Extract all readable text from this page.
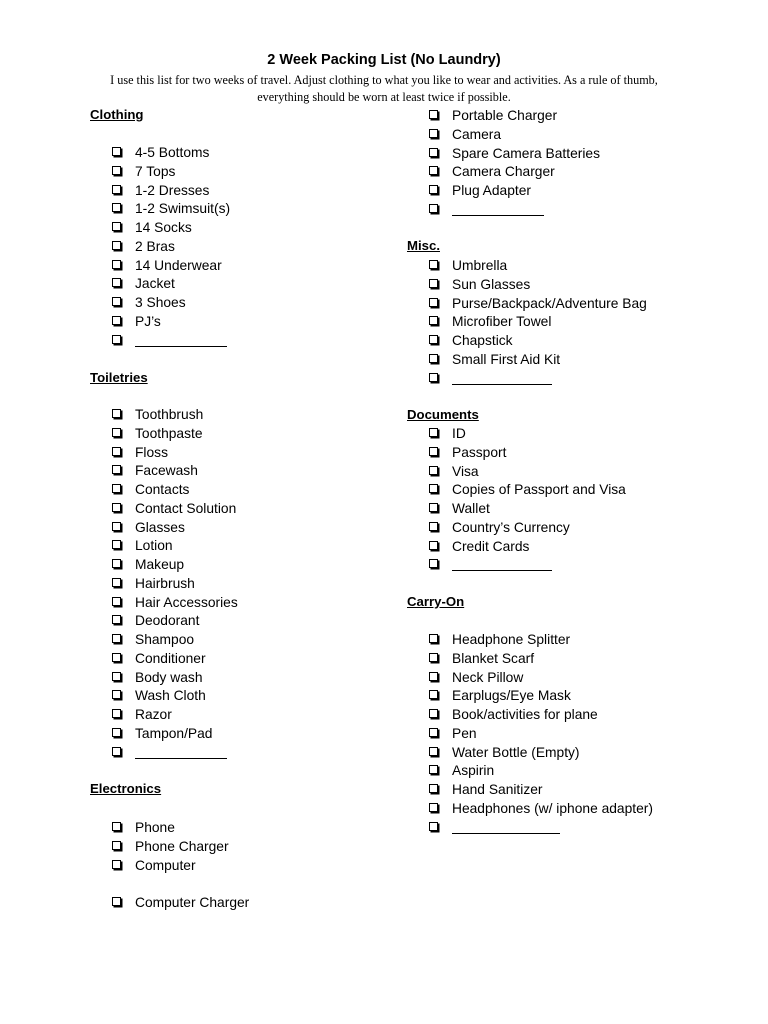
2 Week Packing List (No Laundry)
I use this list for two weeks of travel. Adjust clothing to what you like to wear and activities. As a rule of thumb,
everything should be worn at least twice if possible.
Clothing
4-5 Bottoms
7 Tops
1-2 Dresses
1-2 Swimsuit(s)
14 Socks
2 Bras
14 Underwear
Jacket
3 Shoes
PJ’s
Toiletries
Toothbrush
Toothpaste
Floss
Facewash
Contacts
Contact Solution
Glasses
Lotion
Makeup
Hairbrush
Hair Accessories
Deodorant
Shampoo
Conditioner
Body wash
Wash Cloth
Razor
Tampon/Pad
Electronics
Phone
Phone Charger
Computer
Computer Charger
Portable Charger
Camera
Spare Camera Batteries
Camera Charger
Plug Adapter
Misc.
Umbrella
Sun Glasses
Purse/Backpack/Adventure Bag
Microfiber Towel
Chapstick
Small First Aid Kit
Documents
ID
Passport
Visa
Copies of Passport and Visa
Wallet
Country’s Currency
Credit Cards
Carry-On
Headphone Splitter
Blanket Scarf
Neck Pillow
Earplugs/Eye Mask
Book/activities for plane
Pen
Water Bottle (Empty)
Aspirin
Hand Sanitizer
Headphones (w/ iphone adapter)
